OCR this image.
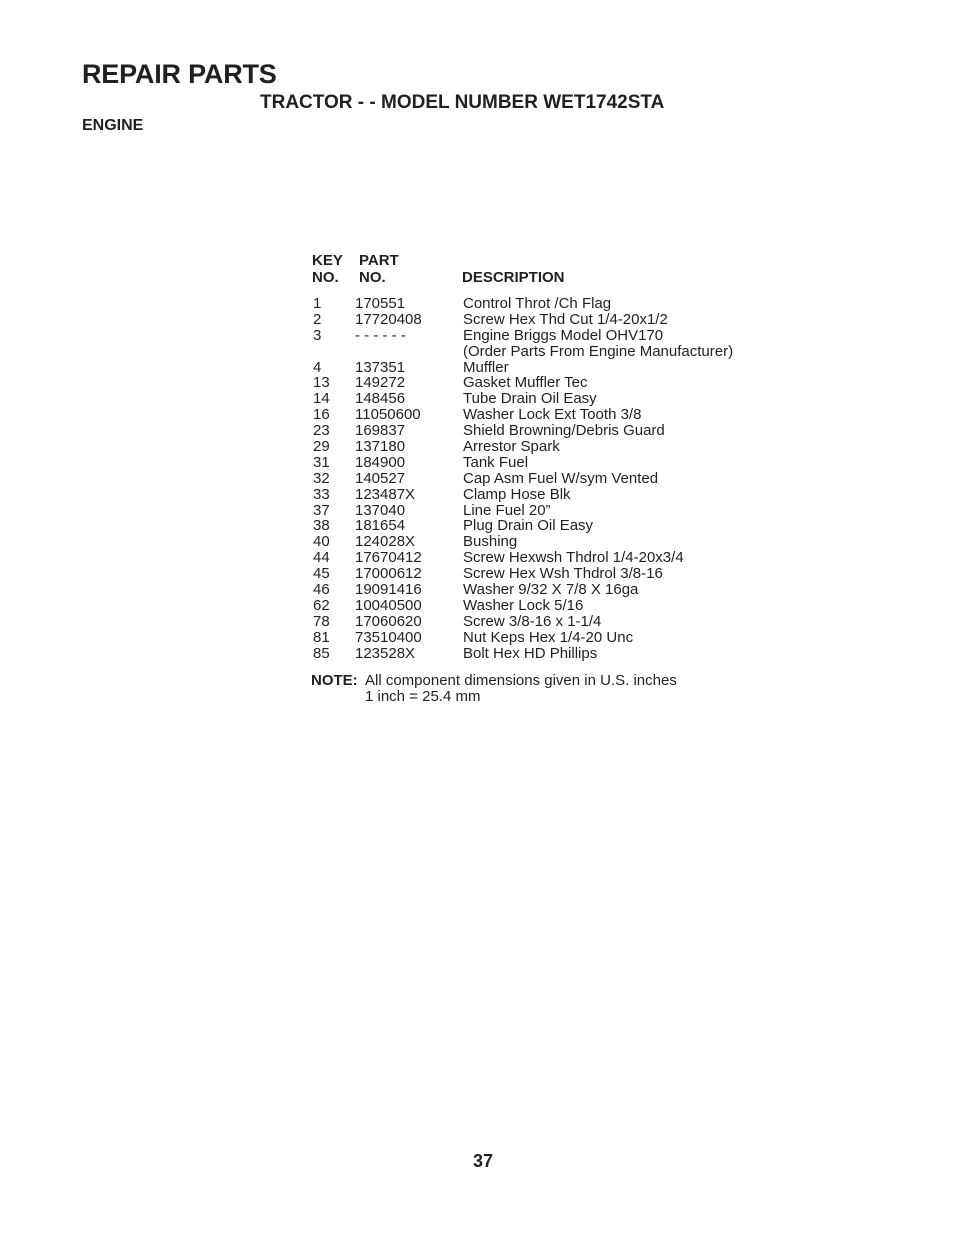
REPAIR PARTS
TRACTOR - - MODEL NUMBER WET1742STA
ENGINE
KEY PART
NO. NO.	DESCRIPTION
1 170551	Control Throt /Ch Flag
2 17720408	Screw Hex Thd Cut 1/4-20x1/2
3 - - - - - -	Engine Briggs Model OHV170
(Order Parts From Engine Manufacturer)
4 137351	Muffler
13 149272	Gasket Muffler Tec
14 148456	Tube Drain Oil Easy
16 11050600	Washer Lock Ext Tooth 3/8
23 169837	Shield Browning/Debris Guard
29 137180	Arrestor Spark
31 184900	Tank Fuel
32 140527	Cap Asm Fuel W/sym Vented
33 123487X	Clamp Hose Blk
37 137040	Line Fuel 20”
38 181654	Plug Drain Oil Easy
40 124028X	Bushing
44 17670412	Screw Hexwsh Thdrol 1/4-20x3/4
45 17000612	Screw Hex Wsh Thdrol 3/8-16
46 19091416	Washer 9/32 X 7/8 X 16ga
62 10040500	Washer Lock 5/16
78 17060620	Screw 3/8-16 x 1-1/4
81 73510400	Nut Keps Hex 1/4-20 Unc
85 123528X	Bolt Hex HD Phillips
NOTE: All component dimensions given in U.S. inches
1 inch = 25.4 mm
37
